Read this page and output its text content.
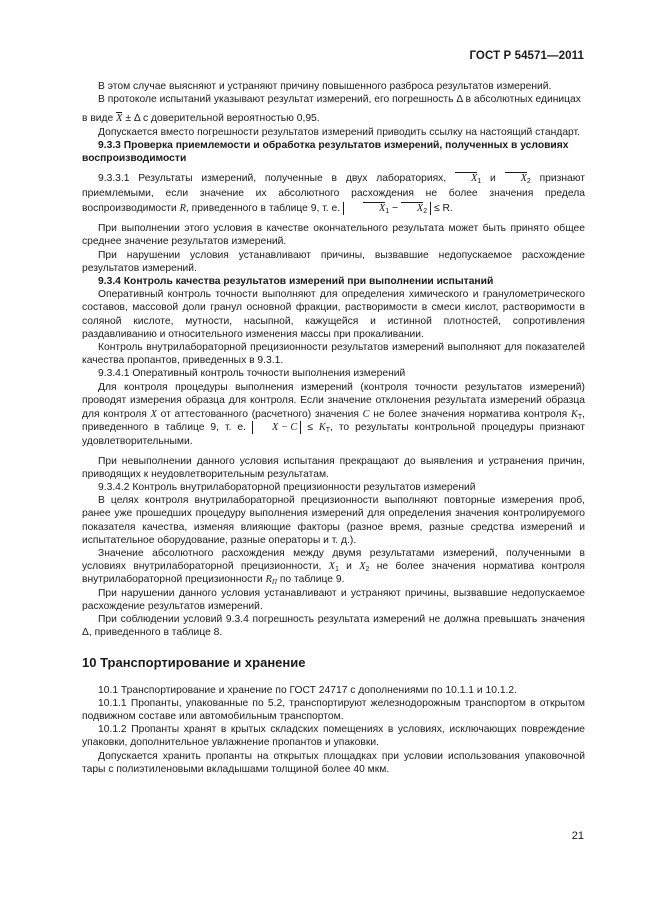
ГОСТ Р 54571—2011

В этом случае выясняют и устраняют причину повышенного разброса результатов измерений.

В протоколе испытаний указывают результат измерений, его погрешность Δ в абсолютных единицах

в виде X ± Δ с доверительной вероятностью 0,95.

Допускается вместо погрешности результатов измерений приводить ссылку на настоящий стандарт.

9.3.3 Проверка приемлемости и обработка результатов измерений, полученных в условиях воспроизводимости

9.3.3.1 Результаты измерений, полученные в двух лабораториях, $X_1$ и $X_2$ признают приемлемыми, если значение их абсолютного расхождения не более значения предела воспроизводимости R, приведенного в таблице 9, т. е.	$X_1 - X_2 \le R$.

При выполнении этого условия в качестве окончательного результата может быть принято общее среднее значение результатов измерений.

При нарушении условия устанавливают причины, вызвавшие недопускаемое расхождение результатов измерений.

9.3.4 Контроль качества результатов измерений при выполнении испытаний

Оперативный контроль точности выполняют для определения химического и гранулометрического составов, массовой доли гранул основной фракции, растворимости в смеси кислот, растворимости в соляной кислоте, мутности, насыпной, кажущейся и истинной плотностей, сопротивления раздавливанию и относительного изменения массы при прокаливании.

Контроль внутрилабораторной прецизионности результатов измерений выполняют для показателей качества пропантов, приведенных в 9.3.1.

9.3.4.1 Оперативный контроль точности выполнения измерений

Для контроля процедуры выполнения измерений (контроля точности результатов измерений) проводят измерения образца для контроля. Если значение отклонения результата измерений образца для контроля X от аттестованного (расчетного) значения C не более значения норматива контроля $K_Т$, приведенного в таблице 9, т. е. $X - C \le K_Т$, то результаты контрольной процедуры признают удовлетворительными.

При невыполнении данного условия испытания прекращают до выявления и устранения причин, приводящих к неудовлетворительным результатам.

9.3.4.2 Контроль внутрилабораторной прецизионности результатов измерений

В целях контроля внутрилабораторной прецизионности выполняют повторные измерения проб, ранее уже прошедших процедуру выполнения измерений для определения значения контролируемого показателя качества, изменяя влияющие факторы (разное время, разные средства измерений и испытательное оборудование, разные операторы и т. д.).

Значение абсолютного расхождения между двумя результатами измерений, полученными в условиях внутрилабораторной прецизионности, $X_1$ и $X_2$ не более значения норматива контроля внутрилабораторной прецизионности $R_П$ по таблице 9.

При нарушении данного условия устанавливают и устраняют причины, вызвавшие недопускаемое расхождение результатов измерений.

При соблюдении условий 9.3.4 погрешность результата измерений не должна превышать значения Δ, приведенного в таблице 8.

10 Транспортирование и хранение

10.1 Транспортирование и хранение по ГОСТ 24717 с дополнениями по 10.1.1 и 10.1.2.

10.1.1 Пропанты, упакованные по 5.2, транспортируют железнодорожным транспортом в открытом подвижном составе или автомобильным транспортом.

10.1.2 Пропанты хранят в крытых складских помещениях в условиях, исключающих повреждение упаковки, дополнительное увлажнение пропантов и упаковки.

Допускается хранить пропанты на открытых площадках при условии использования упаковочной тары с полиэтиленовыми вкладышами толщиной более 40 мкм.

21
